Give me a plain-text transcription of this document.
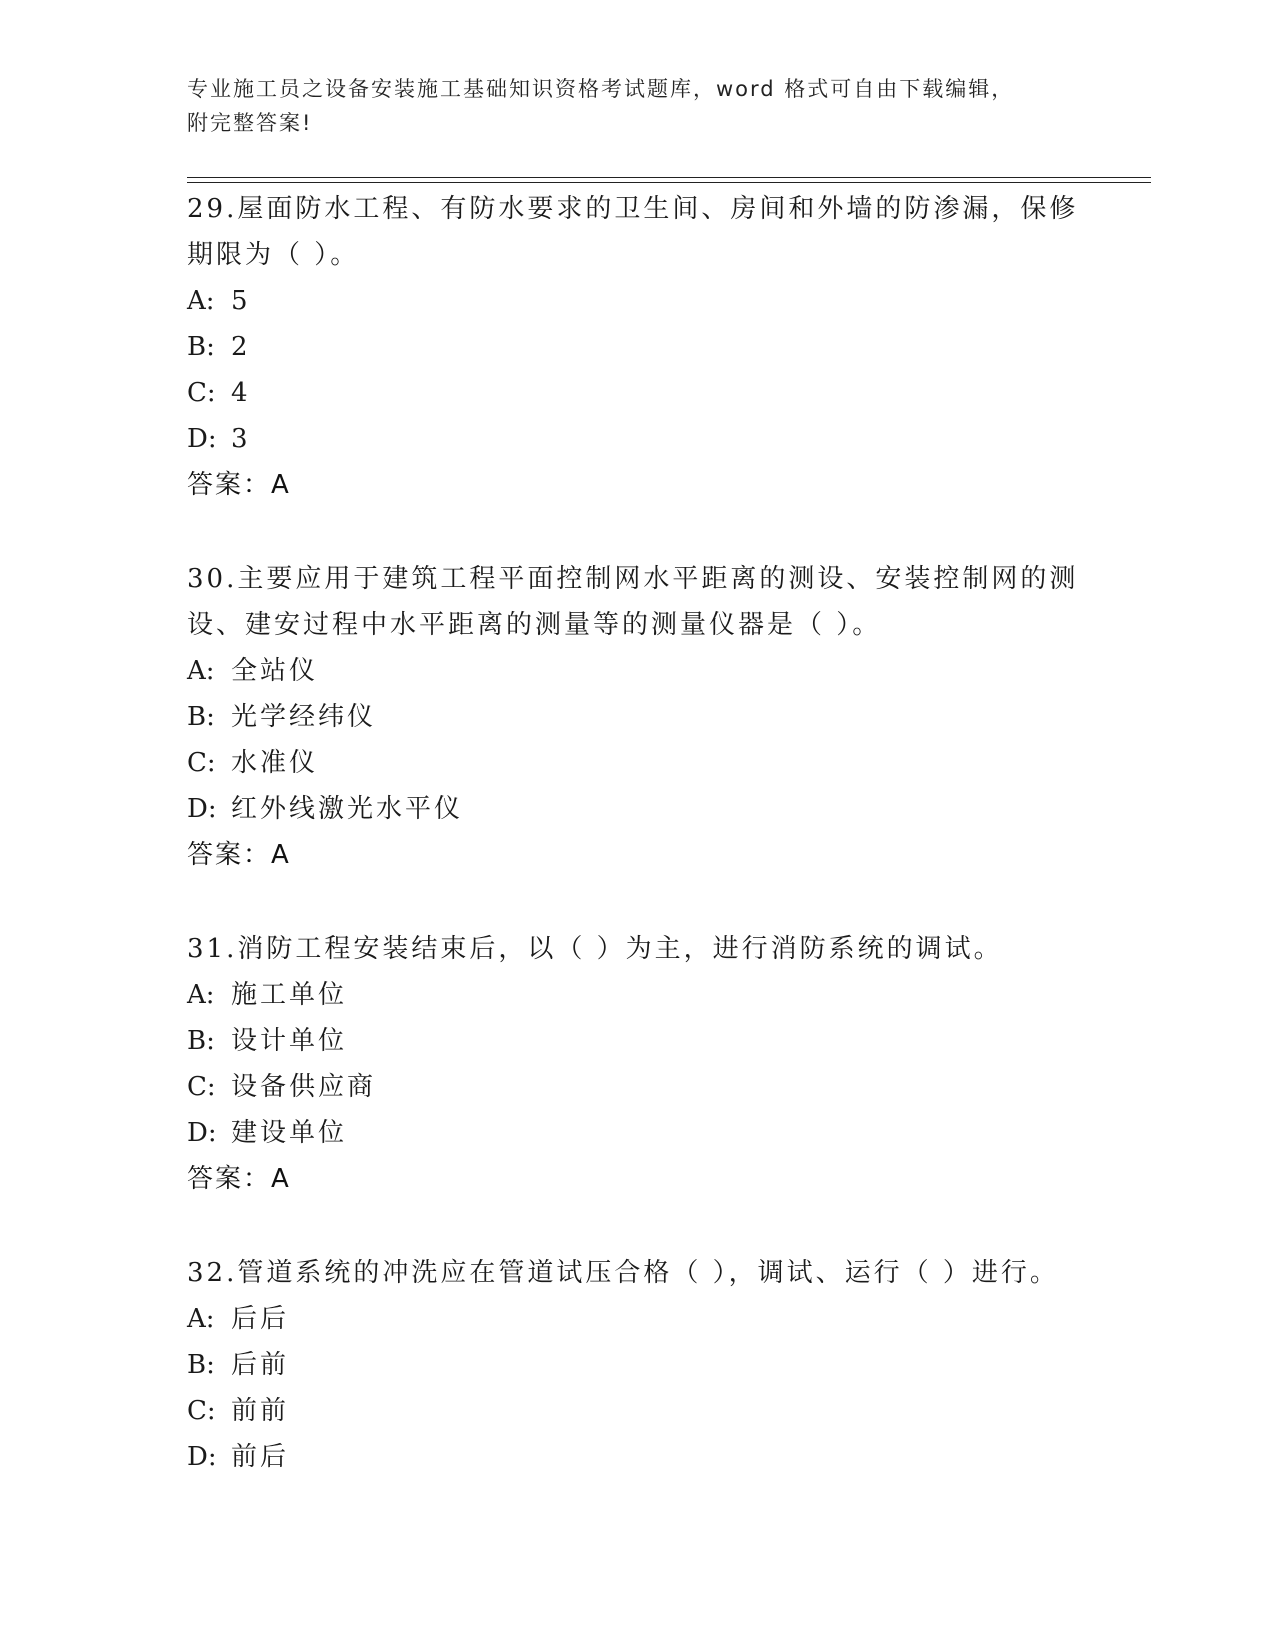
专业施工员之设备安装施工基础知识资格考试题库，word 格式可自由下载编辑，
附完整答案!
29.屋面防水工程、有防水要求的卫生间、房间和外墙的防渗漏，保修期限为（ ）。
A: 5
B: 2
C: 4
D: 3
答案：A
30.主要应用于建筑工程平面控制网水平距离的测设、安装控制网的测设、建安过程中水平距离的测量等的测量仪器是（ ）。
A: 全站仪
B: 光学经纬仪
C: 水准仪
D: 红外线激光水平仪
答案：A
31.消防工程安装结束后，以（ ）为主，进行消防系统的调试。
A: 施工单位
B: 设计单位
C: 设备供应商
D: 建设单位
答案：A
32.管道系统的冲洗应在管道试压合格（ ），调试、运行（ ）进行。
A: 后后
B: 后前
C: 前前
D: 前后
